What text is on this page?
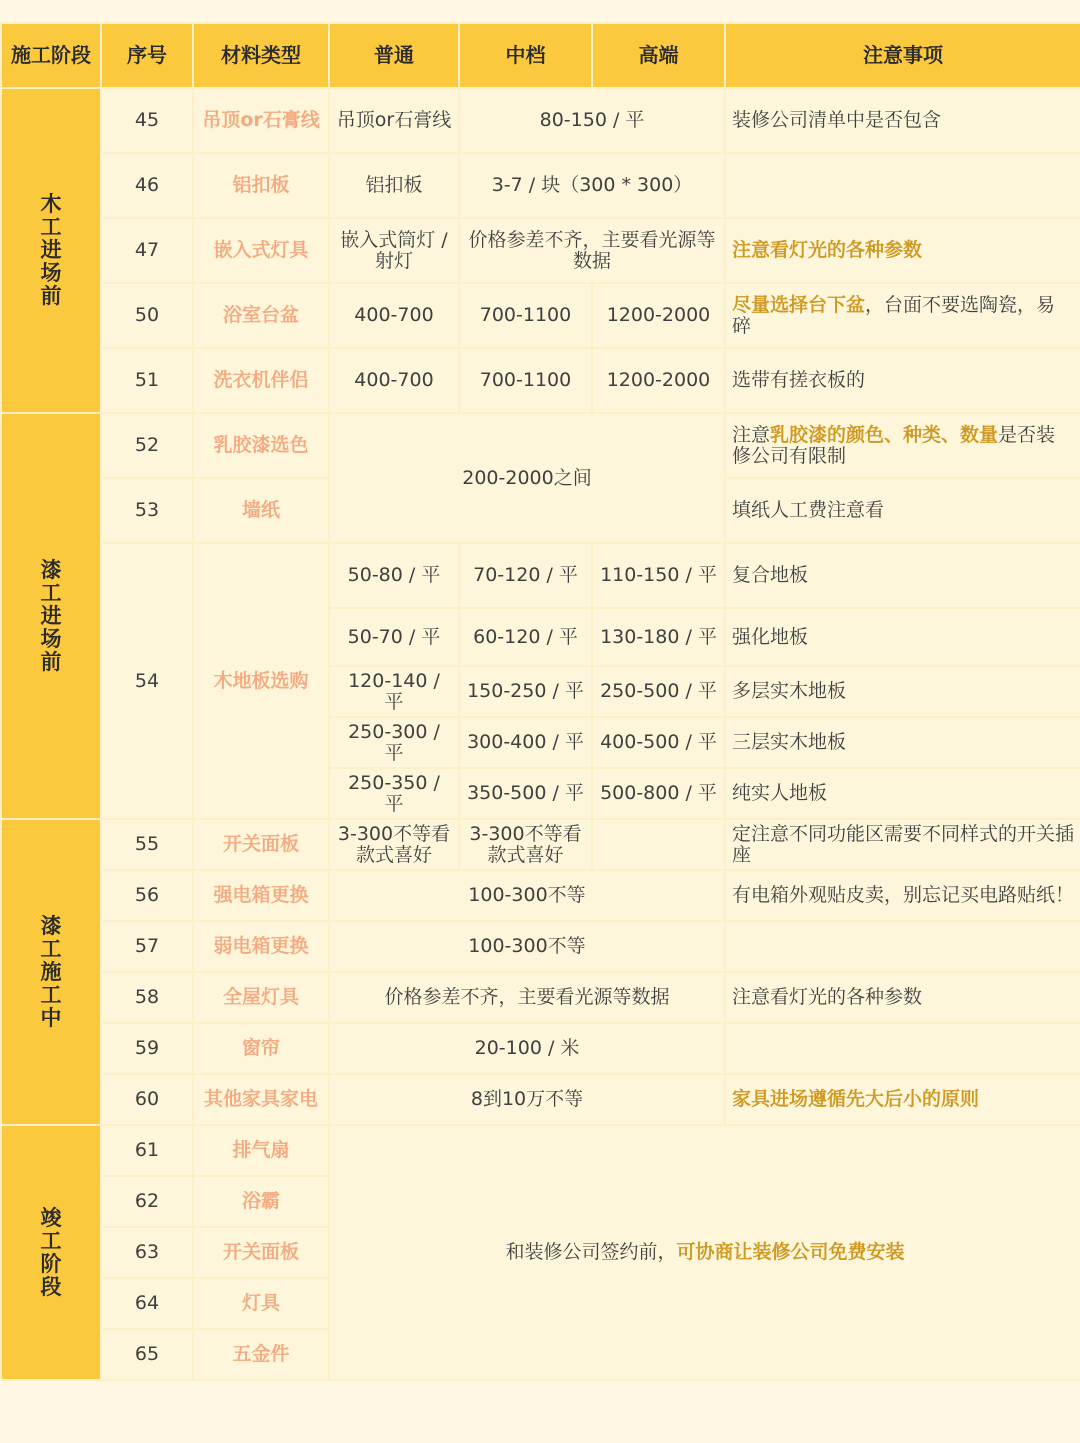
施工阶段	序号	材料类型	普通	中档	高端	注意事项
木工进场前	45	吊顶or石膏线	吊顶or石膏线	80-150 / 平		装修公司清单中是否包含
	46	铝扣板	铝扣板	3-7 / 块（300 * 300）		
	47	嵌入式灯具	嵌入式筒灯 / 射灯	价格参差不齐，主要看光源等数据		注意看灯光的各种参数
	50	浴室台盆	400-700	700-1100	1200-2000	尽量选择台下盆，台面不要选陶瓷，易碎
	51	洗衣机伴侣	400-700	700-1100	1200-2000	选带有搓衣板的
漆工进场前	52	乳胶漆选色	200-2000之间			注意乳胶漆的颜色、种类、数量是否装修公司有限制
	53	墙纸				填纸人工费注意看
	54	木地板选购	50-80 / 平	70-120 / 平	110-150 / 平	复合地板
			50-70 / 平	60-120 / 平	130-180 / 平	强化地板
			120-140 / 平	150-250 / 平	250-500 / 平	多层实木地板
			250-300 / 平	300-400 / 平	400-500 / 平	三层实木地板
			250-350 / 平	350-500 / 平	500-800 / 平	纯实人地板
漆工施工中	55	开关面板	3-300不等看款式喜好	3-300不等看款式喜好		定注意不同功能区需要不同样式的开关插座
	56	强电箱更换	100-300不等			有电箱外观贴皮卖，别忘记买电路贴纸！
	57	弱电箱更换	100-300不等			
	58	全屋灯具	价格参差不齐，主要看光源等数据			注意看灯光的各种参数
	59	窗帘	20-100 / 米			
	60	其他家具家电	8到10万不等			家具进场遵循先大后小的原则
竣工阶段	61	排气扇	和装修公司签约前，可协商让装修公司免费安装			
	62	浴霸				
	63	开关面板				
	64	灯具				
	65	五金件				
